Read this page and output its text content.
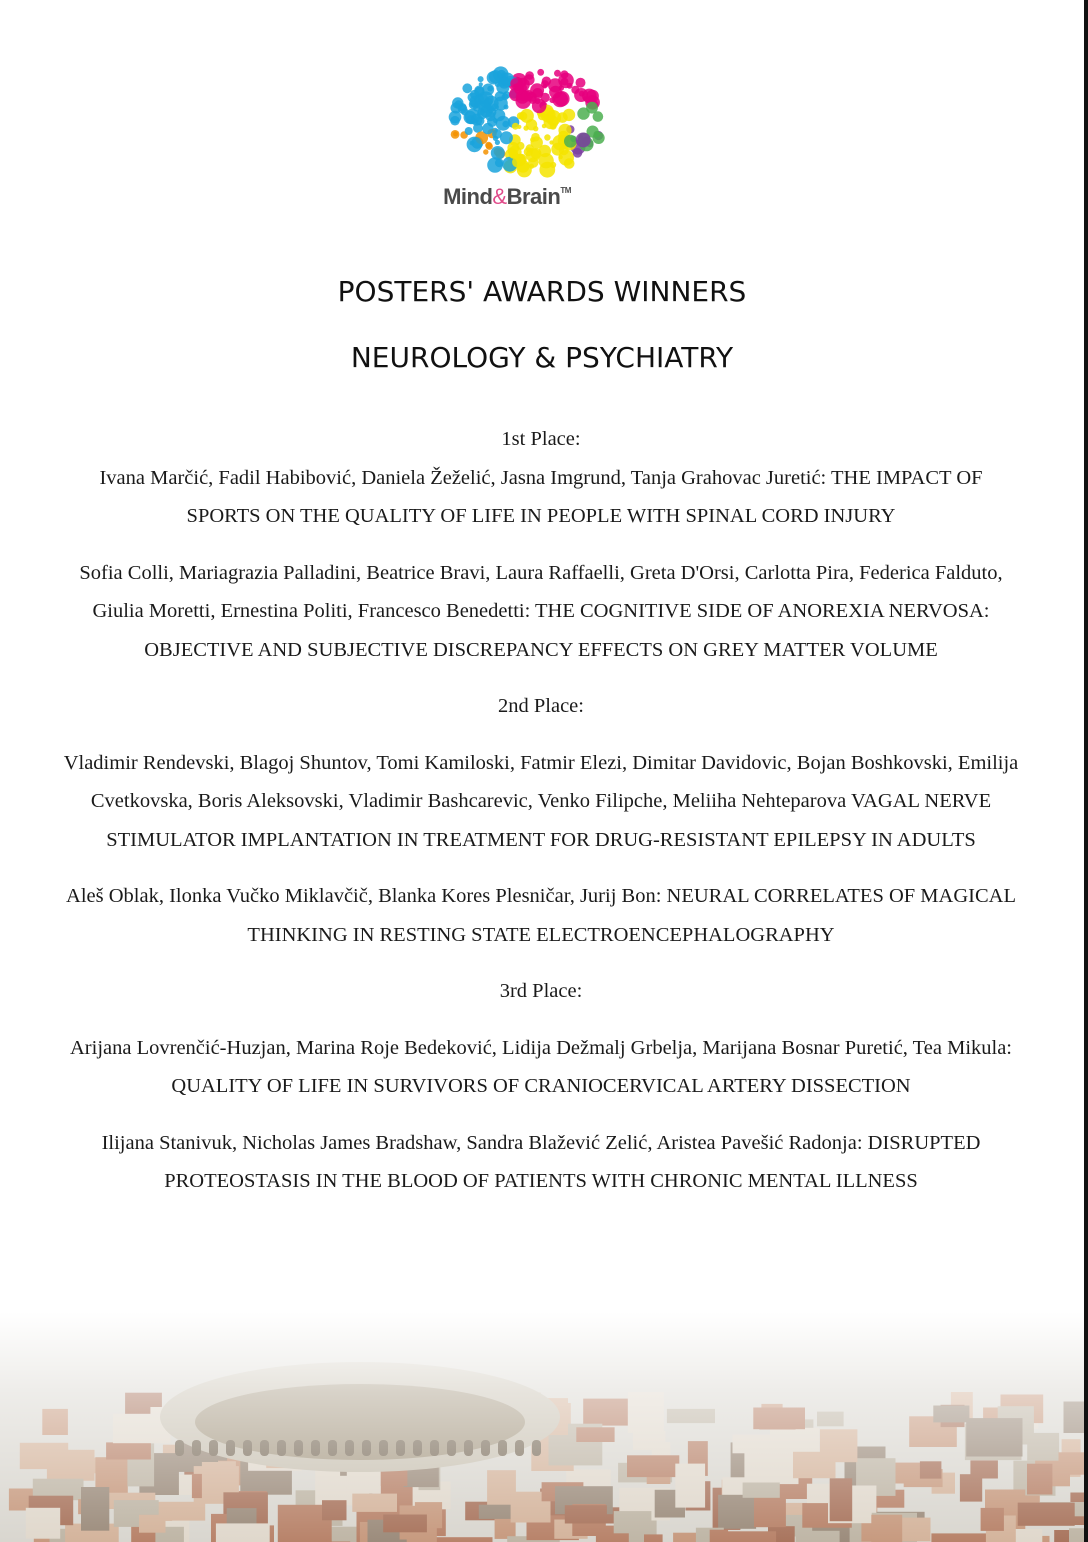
Mind&Brain™
POSTERS' AWARDS WINNERS
NEUROLOGY & PSYCHIATRY

1st Place:

Ivana Marčić, Fadil Habibović, Daniela Žeželić, Jasna Imgrund, Tanja Grahovac Juretić: THE IMPACT OF SPORTS ON THE QUALITY OF LIFE IN PEOPLE WITH SPINAL CORD INJURY

Sofia Colli, Mariagrazia Palladini, Beatrice Bravi, Laura Raffaelli, Greta D'Orsi, Carlotta Pira, Federica Falduto, Giulia Moretti, Ernestina Politi, Francesco Benedetti: THE COGNITIVE SIDE OF ANOREXIA NERVOSA: OBJECTIVE AND SUBJECTIVE DISCREPANCY EFFECTS ON GREY MATTER VOLUME

2nd Place:

Vladimir Rendevski, Blagoj Shuntov, Tomi Kamiloski, Fatmir Elezi, Dimitar Davidovic, Bojan Boshkovski, Emilija Cvetkovska, Boris Aleksovski, Vladimir Bashcarevic, Venko Filipche, Meliiha Nehteparova VAGAL NERVE STIMULATOR IMPLANTATION IN TREATMENT FOR DRUG-RESISTANT EPILEPSY IN ADULTS

Aleš Oblak, Ilonka Vučko Miklavčič, Blanka Kores Plesničar, Jurij Bon: NEURAL CORRELATES OF MAGICAL THINKING IN RESTING STATE ELECTROENCEPHALOGRAPHY

3rd Place:

Arijana Lovrenčić-Huzjan, Marina Roje Bedeković, Lidija Dežmalj Grbelja, Marijana Bosnar Puretić, Tea Mikula: QUALITY OF LIFE IN SURVIVORS OF CRANIOCERVICAL ARTERY DISSECTION

Ilijana Stanivuk, Nicholas James Bradshaw, Sandra Blažević Zelić, Aristea Pavešić Radonja: DISRUPTED PROTEOSTASIS IN THE BLOOD OF PATIENTS WITH CHRONIC MENTAL ILLNESS
